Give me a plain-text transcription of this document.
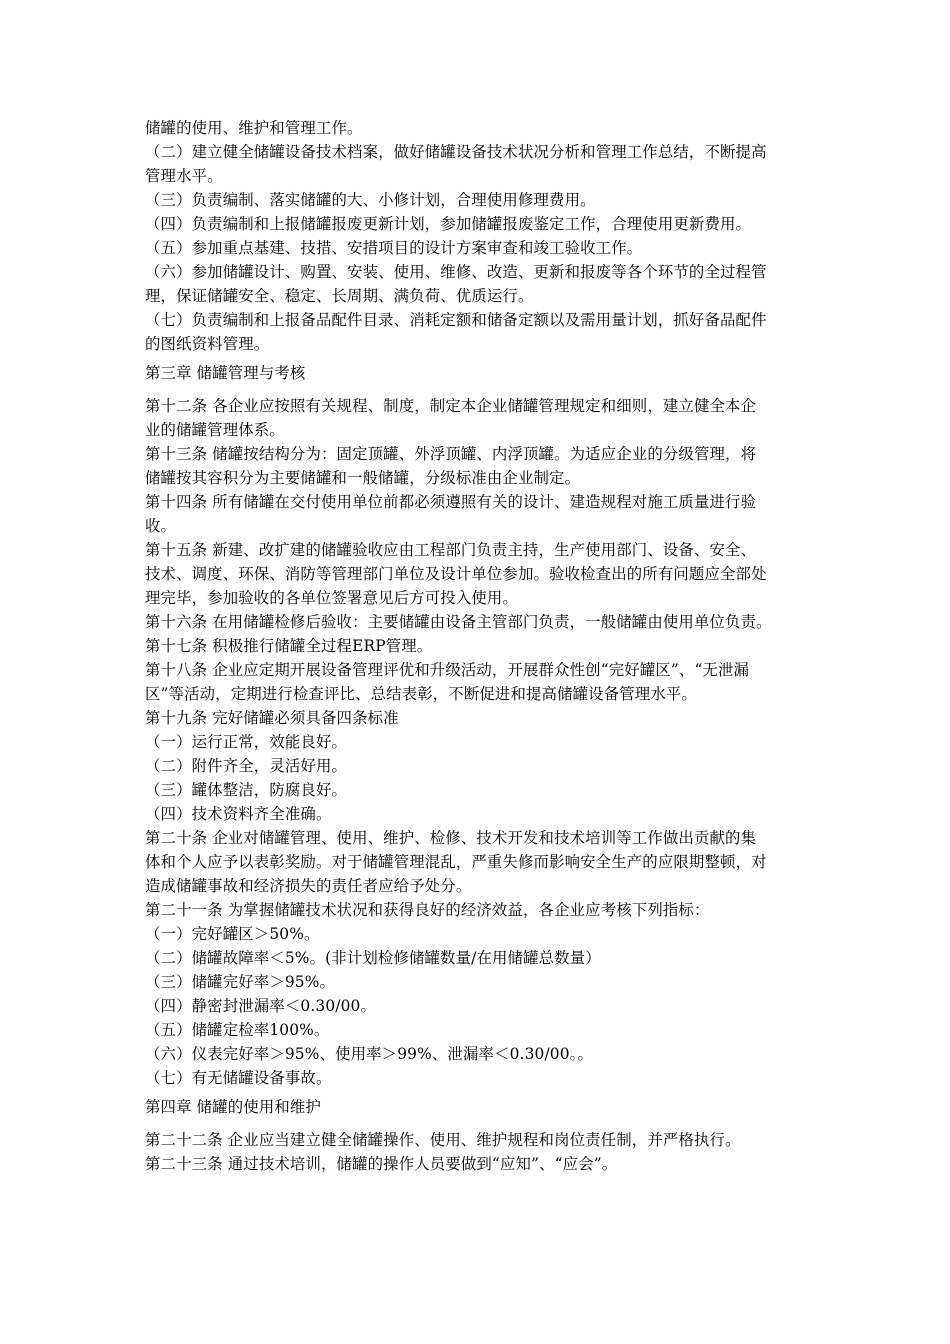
储罐的使用、维护和管理工作。
（二）建立健全储罐设备技术档案，做好储罐设备技术状况分析和管理工作总结，不断提高
管理水平。
（三）负责编制、落实储罐的大、小修计划，合理使用修理费用。
（四）负责编制和上报储罐报废更新计划，参加储罐报废鉴定工作，合理使用更新费用。
（五）参加重点基建、技措、安措项目的设计方案审查和竣工验收工作。
（六）参加储罐设计、购置、安装、使用、维修、改造、更新和报废等各个环节的全过程管
理，保证储罐安全、稳定、长周期、满负荷、优质运行。
（七）负责编制和上报备品配件目录、消耗定额和储备定额以及需用量计划，抓好备品配件
的图纸资料管理。
第三章 储罐管理与考核
第十二条 各企业应按照有关规程、制度，制定本企业储罐管理规定和细则，建立健全本企
业的储罐管理体系。
第十三条 储罐按结构分为：固定顶罐、外浮顶罐、内浮顶罐。为适应企业的分级管理，将
储罐按其容积分为主要储罐和一般储罐，分级标准由企业制定。
第十四条 所有储罐在交付使用单位前都必须遵照有关的设计、建造规程对施工质量进行验
收。
第十五条 新建、改扩建的储罐验收应由工程部门负责主持，生产使用部门、设备、安全、
技术、调度、环保、消防等管理部门单位及设计单位参加。验收检查出的所有问题应全部处
理完毕，参加验收的各单位签署意见后方可投入使用。
第十六条 在用储罐检修后验收：主要储罐由设备主管部门负责，一般储罐由使用单位负责。
第十七条 积极推行储罐全过程ERP管理。
第十八条 企业应定期开展设备管理评优和升级活动，开展群众性创“完好罐区”、“无泄漏
区”等活动，定期进行检查评比、总结表彰，不断促进和提高储罐设备管理水平。
第十九条 完好储罐必须具备四条标准
（一）运行正常，效能良好。
（二）附件齐全，灵活好用。
（三）罐体整洁，防腐良好。
（四）技术资料齐全准确。
第二十条 企业对储罐管理、使用、维护、检修、技术开发和技术培训等工作做出贡献的集
体和个人应予以表彰奖励。对于储罐管理混乱，严重失修而影响安全生产的应限期整顿，对
造成储罐事故和经济损失的责任者应给予处分。
第二十一条 为掌握储罐技术状况和获得良好的经济效益，各企业应考核下列指标：
（一）完好罐区＞50%。
（二）储罐故障率＜5%。(非计划检修储罐数量/在用储罐总数量）
（三）储罐完好率＞95%。
（四）静密封泄漏率＜0.30/00。
（五）储罐定检率100%。
（六）仪表完好率＞95%、使用率＞99%、泄漏率＜0.30/00。。
（七）有无储罐设备事故。
第四章 储罐的使用和维护
第二十二条 企业应当建立健全储罐操作、使用、维护规程和岗位责任制，并严格执行。
第二十三条 通过技术培训，储罐的操作人员要做到“应知”、“应会”。
